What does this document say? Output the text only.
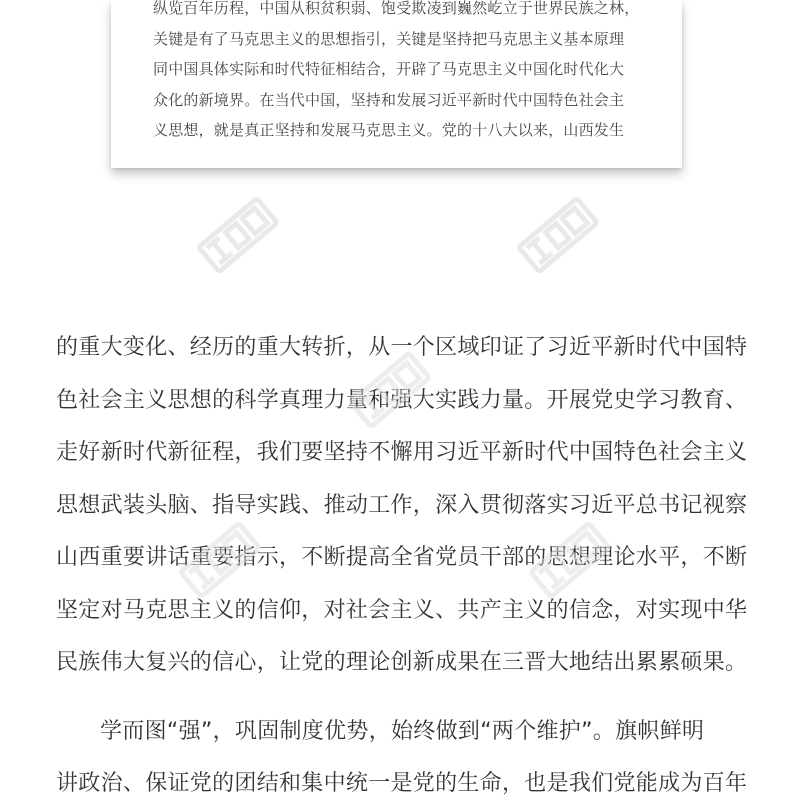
纵览百年历程，中国从积贫积弱、饱受欺凌到巍然屹立于世界民族之林，
关键是有了马克思主义的思想指引，关键是坚持把马克思主义基本原理
同中国具体实际和时代特征相结合，开辟了马克思主义中国化时代化大
众化的新境界。在当代中国，坚持和发展习近平新时代中国特色社会主
义思想，就是真正坚持和发展马克思主义。党的十八大以来，山西发生
的重大变化、经历的重大转折，从一个区域印证了习近平新时代中国特
色社会主义思想的科学真理力量和强大实践力量。开展党史学习教育、
走好新时代新征程，我们要坚持不懈用习近平新时代中国特色社会主义
思想武装头脑、指导实践、推动工作，深入贯彻落实习近平总书记视察
山西重要讲话重要指示，不断提高全省党员干部的思想理论水平，不断
坚定对马克思主义的信仰，对社会主义、共产主义的信念，对实现中华
民族伟大复兴的信心，让党的理论创新成果在三晋大地结出累累硕果。
学而图“强”，巩固制度优势，始终做到“两个维护”。旗帜鲜明
讲政治、保证党的团结和集中统一是党的生命，也是我们党能成为百年
